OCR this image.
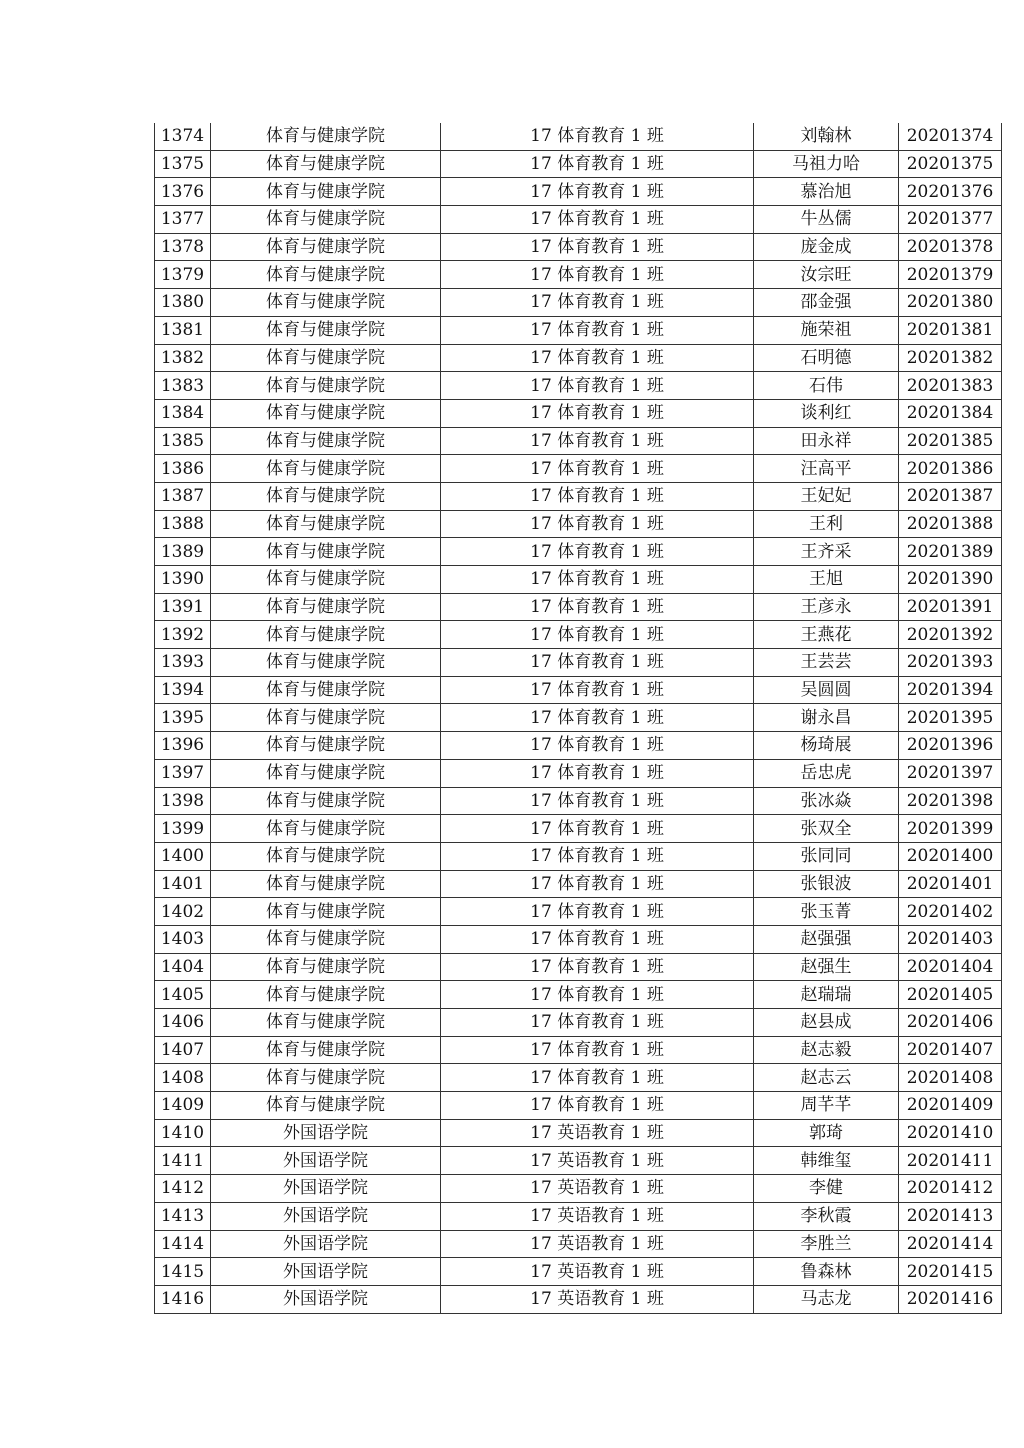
1374	体育与健康学院	17 体育教育 1 班	刘翰林	20201374
1375	体育与健康学院	17 体育教育 1 班	马祖力哈	20201375
1376	体育与健康学院	17 体育教育 1 班	慕治旭	20201376
1377	体育与健康学院	17 体育教育 1 班	牛丛儒	20201377
1378	体育与健康学院	17 体育教育 1 班	庞金成	20201378
1379	体育与健康学院	17 体育教育 1 班	汝宗旺	20201379
1380	体育与健康学院	17 体育教育 1 班	邵金强	20201380
1381	体育与健康学院	17 体育教育 1 班	施荣祖	20201381
1382	体育与健康学院	17 体育教育 1 班	石明德	20201382
1383	体育与健康学院	17 体育教育 1 班	石伟	20201383
1384	体育与健康学院	17 体育教育 1 班	谈利红	20201384
1385	体育与健康学院	17 体育教育 1 班	田永祥	20201385
1386	体育与健康学院	17 体育教育 1 班	汪高平	20201386
1387	体育与健康学院	17 体育教育 1 班	王妃妃	20201387
1388	体育与健康学院	17 体育教育 1 班	王利	20201388
1389	体育与健康学院	17 体育教育 1 班	王齐采	20201389
1390	体育与健康学院	17 体育教育 1 班	王旭	20201390
1391	体育与健康学院	17 体育教育 1 班	王彦永	20201391
1392	体育与健康学院	17 体育教育 1 班	王燕花	20201392
1393	体育与健康学院	17 体育教育 1 班	王芸芸	20201393
1394	体育与健康学院	17 体育教育 1 班	吴圆圆	20201394
1395	体育与健康学院	17 体育教育 1 班	谢永昌	20201395
1396	体育与健康学院	17 体育教育 1 班	杨琦展	20201396
1397	体育与健康学院	17 体育教育 1 班	岳忠虎	20201397
1398	体育与健康学院	17 体育教育 1 班	张冰焱	20201398
1399	体育与健康学院	17 体育教育 1 班	张双全	20201399
1400	体育与健康学院	17 体育教育 1 班	张同同	20201400
1401	体育与健康学院	17 体育教育 1 班	张银波	20201401
1402	体育与健康学院	17 体育教育 1 班	张玉菁	20201402
1403	体育与健康学院	17 体育教育 1 班	赵强强	20201403
1404	体育与健康学院	17 体育教育 1 班	赵强生	20201404
1405	体育与健康学院	17 体育教育 1 班	赵瑞瑞	20201405
1406	体育与健康学院	17 体育教育 1 班	赵县成	20201406
1407	体育与健康学院	17 体育教育 1 班	赵志毅	20201407
1408	体育与健康学院	17 体育教育 1 班	赵志云	20201408
1409	体育与健康学院	17 体育教育 1 班	周芊芊	20201409
1410	外国语学院	17 英语教育 1 班	郭琦	20201410
1411	外国语学院	17 英语教育 1 班	韩维玺	20201411
1412	外国语学院	17 英语教育 1 班	李健	20201412
1413	外国语学院	17 英语教育 1 班	李秋霞	20201413
1414	外国语学院	17 英语教育 1 班	李胜兰	20201414
1415	外国语学院	17 英语教育 1 班	鲁森林	20201415
1416	外国语学院	17 英语教育 1 班	马志龙	20201416
